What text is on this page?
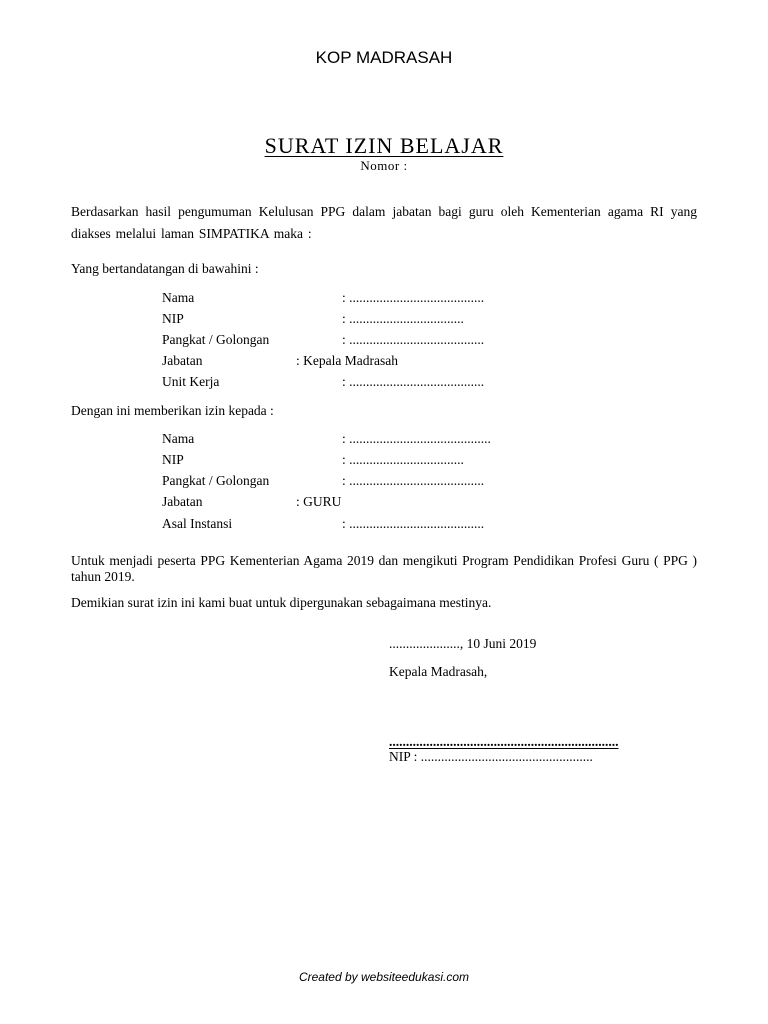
KOP MADRASAH
SURAT IZIN BELAJAR
Nomor :
Berdasarkan hasil pengumuman Kelulusan PPG dalam jabatan bagi guru oleh Kementerian agama RI yang diakses melalui laman SIMPATIKA maka :
Yang bertandatangan di bawahini :
Nama	: ........................................
NIP	: ..................................
Pangkat / Golongan	: ........................................
Jabatan	: Kepala Madrasah
Unit Kerja	: ........................................
Dengan ini memberikan izin kepada :
Nama	: ..........................................
NIP	: ..................................
Pangkat / Golongan	: ........................................
Jabatan	: GURU
Asal Instansi	: ........................................
Untuk menjadi peserta PPG Kementerian Agama 2019 dan mengikuti Program Pendidikan Profesi Guru ( PPG ) tahun 2019.
Demikian surat izin ini kami buat untuk dipergunakan sebagaimana mestinya.
....................., 10 Juni 2019
Kepala Madrasah,
....................................................................
NIP : ...................................................
Created by websiteedukasi.com
